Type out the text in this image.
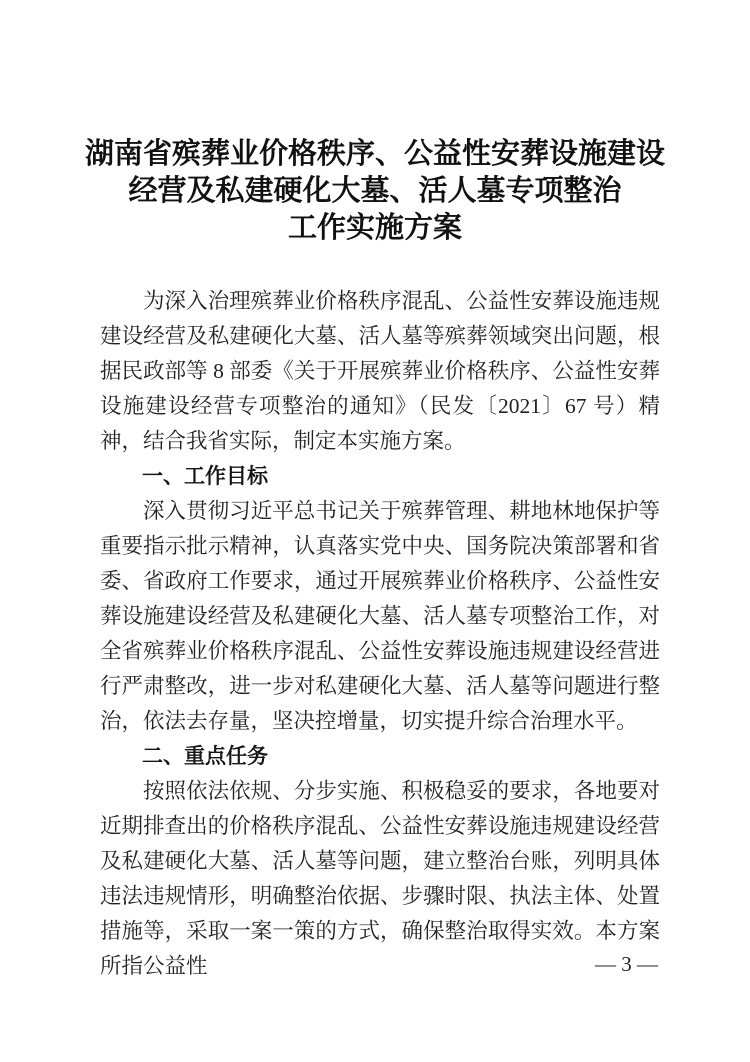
湖南省殡葬业价格秩序、公益性安葬设施建设
经营及私建硬化大墓、活人墓专项整治
工作实施方案

为深入治理殡葬业价格秩序混乱、公益性安葬设施违规建设经营及私建硬化大墓、活人墓等殡葬领域突出问题，根据民政部等 8 部委《关于开展殡葬业价格秩序、公益性安葬设施建设经营专项整治的通知》（民发〔2021〕67 号）精神，结合我省实际，制定本实施方案。

一、工作目标

深入贯彻习近平总书记关于殡葬管理、耕地林地保护等重要指示批示精神，认真落实党中央、国务院决策部署和省委、省政府工作要求，通过开展殡葬业价格秩序、公益性安葬设施建设经营及私建硬化大墓、活人墓专项整治工作，对全省殡葬业价格秩序混乱、公益性安葬设施违规建设经营进行严肃整改，进一步对私建硬化大墓、活人墓等问题进行整治，依法去存量，坚决控增量，切实提升综合治理水平。

二、重点任务

按照依法依规、分步实施、积极稳妥的要求，各地要对近期排查出的价格秩序混乱、公益性安葬设施违规建设经营及私建硬化大墓、活人墓等问题，建立整治台账，列明具体违法违规情形，明确整治依据、步骤时限、执法主体、处置措施等，采取一案一策的方式，确保整治取得实效。本方案所指公益性	— 3 —
